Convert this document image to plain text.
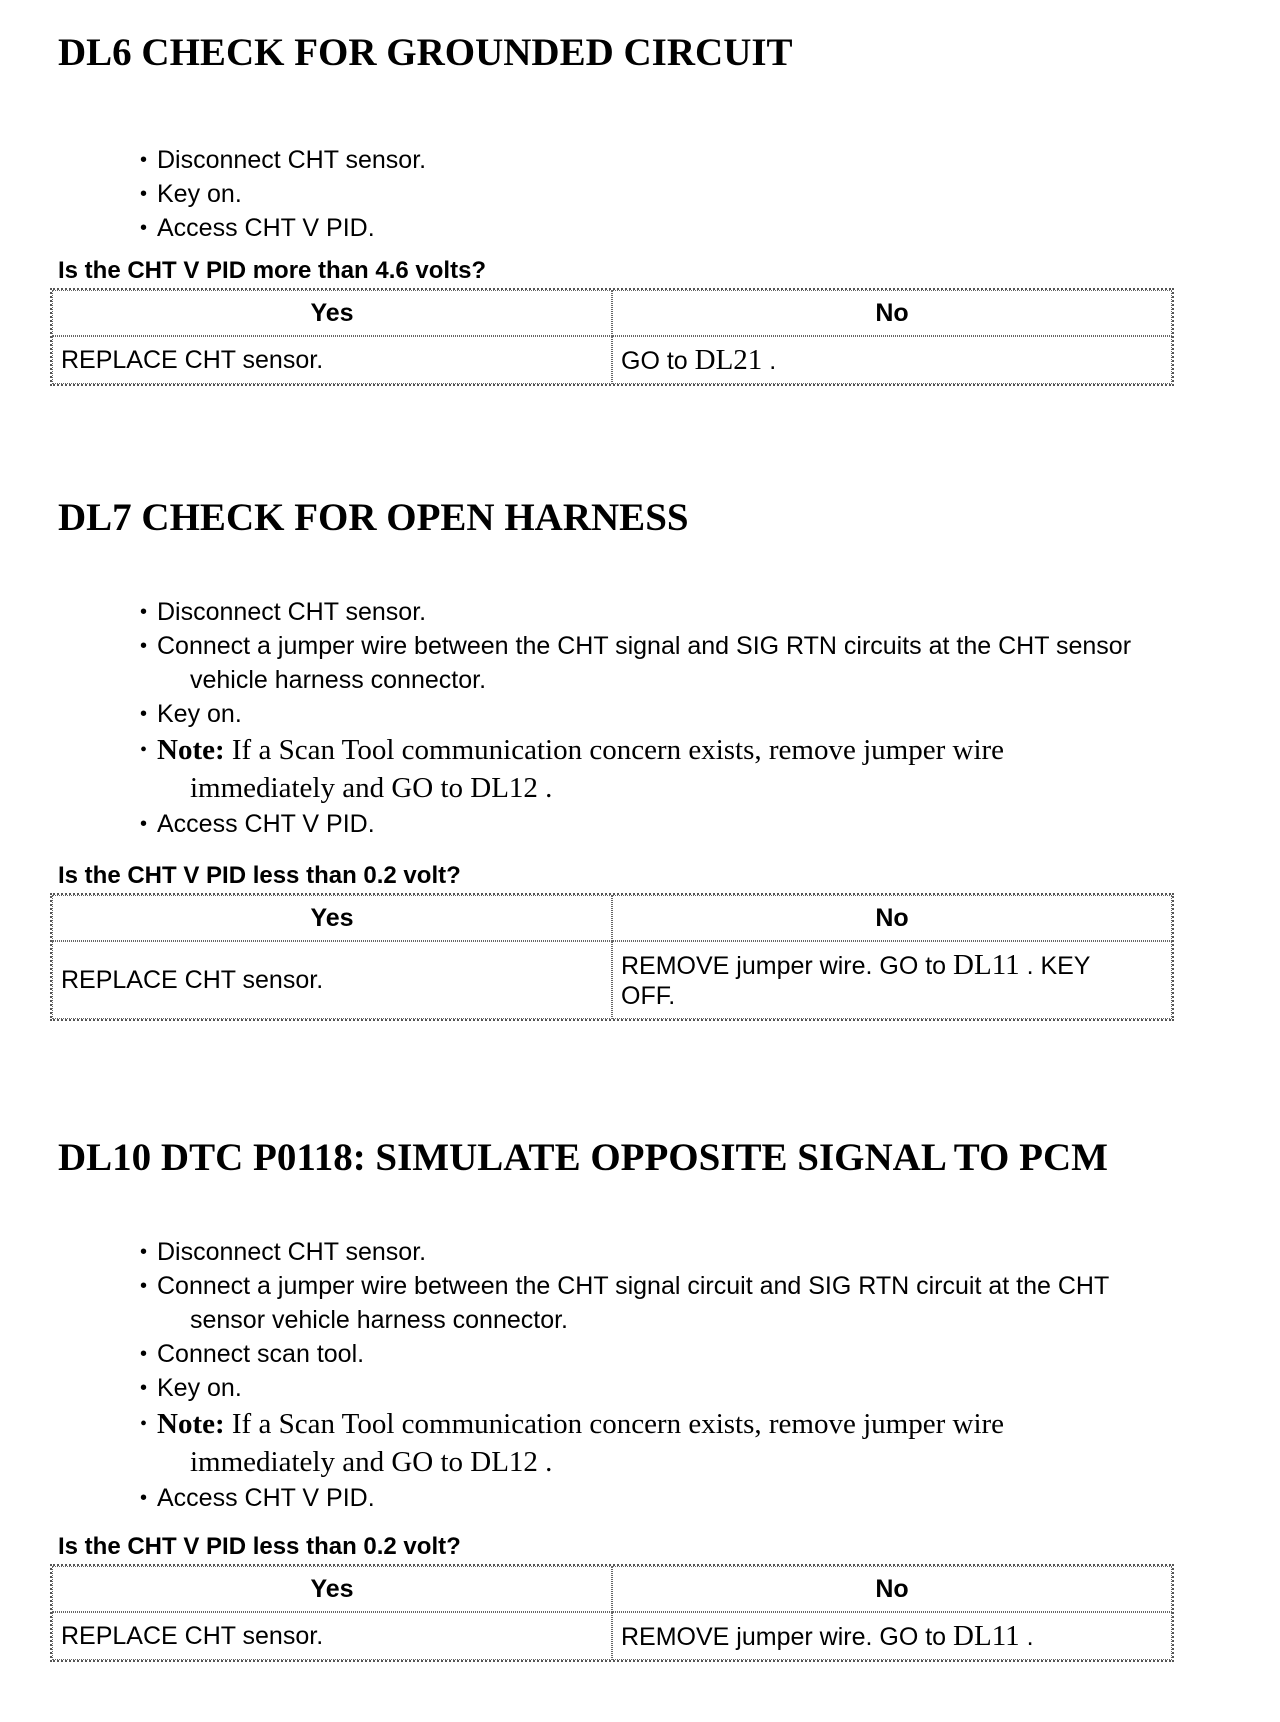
DL6 CHECK FOR GROUNDED CIRCUIT
• Disconnect CHT sensor.
• Key on.
• Access CHT V PID.

Is the CHT V PID more than 4.6 volts?

Yes	No
REPLACE CHT sensor.	GO to DL21 .
DL7 CHECK FOR OPEN HARNESS
• Disconnect CHT sensor.
• Connect a jumper wire between the CHT signal and SIG RTN circuits at the CHT sensor
vehicle harness connector.
• Key on.
• Note: If a Scan Tool communication concern exists, remove jumper wire
immediately and GO to DL12 .
• Access CHT V PID.

Is the CHT V PID less than 0.2 volt?

Yes	No
REPLACE CHT sensor.	REMOVE jumper wire. GO to DL11 . KEY
OFF.
DL10 DTC P0118: SIMULATE OPPOSITE SIGNAL TO PCM
• Disconnect CHT sensor.
• Connect a jumper wire between the CHT signal circuit and SIG RTN circuit at the CHT
sensor vehicle harness connector.
• Connect scan tool.
• Key on.
• Note: If a Scan Tool communication concern exists, remove jumper wire
immediately and GO to DL12 .
• Access CHT V PID.

Is the CHT V PID less than 0.2 volt?

Yes	No
REPLACE CHT sensor.	REMOVE jumper wire. GO to DL11 .
